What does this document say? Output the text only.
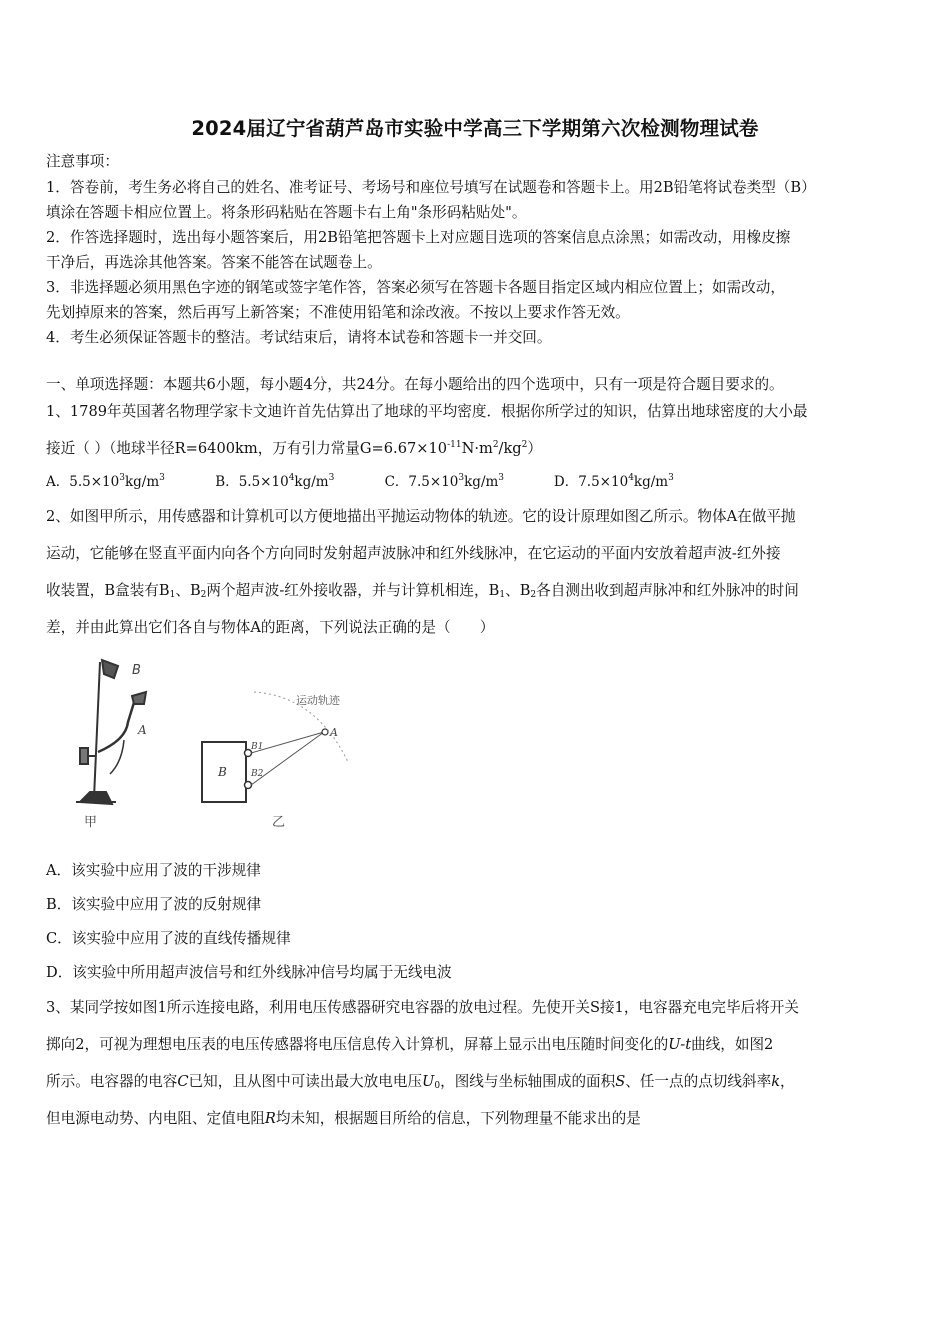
2024届辽宁省葫芦岛市实验中学高三下学期第六次检测物理试卷
注意事项：
1．答卷前，考生务必将自己的姓名、准考证号、考场号和座位号填写在试题卷和答题卡上。用2B铅笔将试卷类型（B）
填涂在答题卡相应位置上。将条形码粘贴在答题卡右上角"条形码粘贴处"。
2．作答选择题时，选出每小题答案后，用2B铅笔把答题卡上对应题目选项的答案信息点涂黑；如需改动，用橡皮擦
干净后，再选涂其他答案。答案不能答在试题卷上。
3．非选择题必须用黑色字迹的钢笔或签字笔作答，答案必须写在答题卡各题目指定区域内相应位置上；如需改动，
先划掉原来的答案，然后再写上新答案；不准使用铅笔和涂改液。不按以上要求作答无效。
4．考生必须保证答题卡的整洁。考试结束后，请将本试卷和答题卡一并交回。
一、单项选择题：本题共6小题，每小题4分，共24分。在每小题给出的四个选项中，只有一项是符合题目要求的。
1、1789年英国著名物理学家卡文迪许首先估算出了地球的平均密度．根据你所学过的知识，估算出地球密度的大小最
接近（ ）（地球半径R=6400km，万有引力常量$G=6.67\times 10^{-11}N\cdot m^2/kg^2$）
A．$5.5\times 10^3kg/m^3$	B．$5.5\times 10^4kg/m^3$	C．$7.5\times 10^3kg/m^3$	D．$7.5\times 10^4kg/m^3$
2、如图甲所示，用传感器和计算机可以方便地描出平抛运动物体的轨迹。它的设计原理如图乙所示。物体A在做平抛
运动，它能够在竖直平面内向各个方向同时发射超声波脉冲和红外线脉冲，在它运动的平面内安放着超声波-红外接
收装置，B盒装有$B_1$、$B_2$两个超声波-红外接收器，并与计算机相连，$B_1$、$B_2$各自测出收到超声脉冲和红外脉冲的时间
差，并由此算出它们各自与物体A的距离，下列说法正确的是（　　）
B
A
甲
B
B1
B2
A
运动轨迹
乙
A．该实验中应用了波的干涉规律
B．该实验中应用了波的反射规律
C．该实验中应用了波的直线传播规律
D．该实验中所用超声波信号和红外线脉冲信号均属于无线电波
3、某同学按如图1所示连接电路，利用电压传感器研究电容器的放电过程。先使开关S接1，电容器充电完毕后将开关
掷向2，可视为理想电压表的电压传感器将电压信息传入计算机，屏幕上显示出电压随时间变化的U-t曲线，如图2
所示。电容器的电容C已知，且从图中可读出最大放电电压$U_0$，图线与坐标轴围成的面积S、任一点的点切线斜率k，
但电源电动势、内电阻、定值电阻R均未知，根据题目所给的信息，下列物理量不能求出的是
